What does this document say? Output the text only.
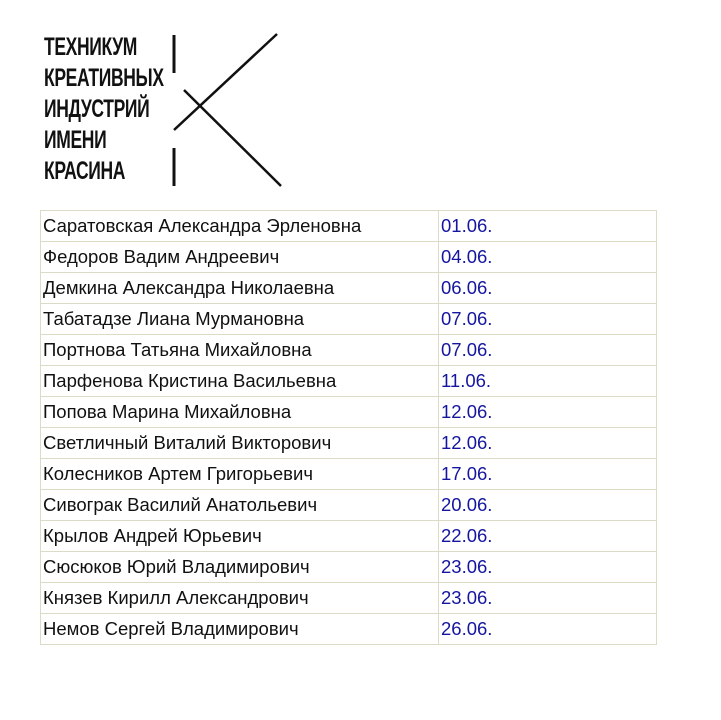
ТЕХНИКУМ
КРЕАТИВНЫХ
ИНДУСТРИЙ
ИМЕНИ
КРАСИНА
Саратовская Александра Эрленовна	01.06.
Федоров Вадим Андреевич	04.06.
Демкина Александра Николаевна	06.06.
Табатадзе Лиана Мурмановна	07.06.
Портнова Татьяна Михайловна	07.06.
Парфенова Кристина Васильевна	11.06.
Попова Марина Михайловна	12.06.
Светличный Виталий Викторович	12.06.
Колесников Артем Григорьевич	17.06.
Сивограк Василий Анатольевич	20.06.
Крылов Андрей Юрьевич	22.06.
Сюсюков Юрий Владимирович	23.06.
Князев Кирилл Александрович	23.06.
Немов Сергей Владимирович	26.06.
